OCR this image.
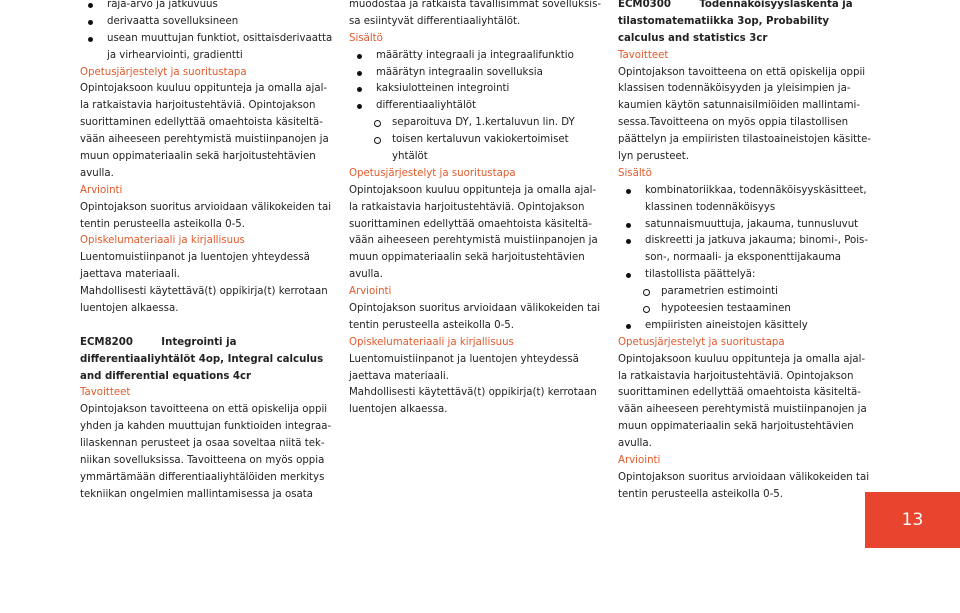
raja-arvo ja jatkuvuus
derivaatta sovelluksineen
usean muuttujan funktiot, osittaisderivaatta
ja virhearviointi, gradientti
Opetusjärjestelyt ja suoritustapa
Opintojaksoon kuuluu oppitunteja ja omalla ajal-
la ratkaistavia harjoitustehtäviä. Opintojakson
suorittaminen edellyttää omaehtoista käsiteltä-
vään aiheeseen perehtymistä muistiinpanojen ja
muun oppimateriaalin sekä harjoitustehtävien
avulla.
Arviointi
Opintojakson suoritus arvioidaan välikokeiden tai
tentin perusteella asteikolla 0-5.
Opiskelumateriaali ja kirjallisuus
Luentomuistiinpanot ja luentojen yhteydessä
jaettava materiaali.
Mahdollisesti käytettävä(t) oppikirja(t) kerrotaan
luentojen alkaessa.
ECM8200        Integrointi ja
differentiaaliyhtälöt 4op, Integral calculus
and differential equations 4cr
Tavoitteet
Opintojakson tavoitteena on että opiskelija oppii
yhden ja kahden muuttujan funktioiden integraa-
lilaskennan perusteet ja osaa soveltaa niitä tek-
niikan sovelluksissa. Tavoitteena on myös oppia
ymmärtämään differentiaaliyhtälöiden merkitys
tekniikan ongelmien mallintamisessa ja osata
muodostaa ja ratkaista tavallisimmat sovelluksis-
sa esiintyvät differentiaaliyhtälöt.
Sisältö
määrätty integraali ja integraalifunktio
määrätyn integraalin sovelluksia
kaksiulotteinen integrointi
differentiaaliyhtälöt
separoituva DY, 1.kertaluvun lin. DY
toisen kertaluvun vakiokertoimiset
yhtälöt
Opetusjärjestelyt ja suoritustapa
Opintojaksoon kuuluu oppitunteja ja omalla ajal-
la ratkaistavia harjoitustehtäviä. Opintojakson
suorittaminen edellyttää omaehtoista käsiteltä-
vään aiheeseen perehtymistä muistiinpanojen ja
muun oppimateriaalin sekä harjoitustehtävien
avulla.
Arviointi
Opintojakson suoritus arvioidaan välikokeiden tai
tentin perusteella asteikolla 0-5.
Opiskelumateriaali ja kirjallisuus
Luentomuistiinpanot ja luentojen yhteydessä
jaettava materiaali.
Mahdollisesti käytettävä(t) oppikirja(t) kerrotaan
luentojen alkaessa.
ECM0300        Todennäköisyyslaskenta ja
tilastomatematiikka 3op, Probability
calculus and statistics 3cr
Tavoitteet
Opintojakson tavoitteena on että opiskelija oppii
klassisen todennäköisyyden ja yleisimpien ja-
kaumien käytön satunnaisilmiöiden mallintami-
sessa.Tavoitteena on myös oppia tilastollisen
päättelyn ja empiiristen tilastoaineistojen käsitte-
lyn perusteet.
Sisältö
kombinatoriikkaa, todennäköisyyskäsitteet,
klassinen todennäköisyys
satunnaismuuttuja, jakauma, tunnusluvut
diskreetti ja jatkuva jakauma; binomi-, Pois-
son-, normaali- ja eksponenttijakauma
tilastollista päättelyä:
parametrien estimointi
hypoteesien testaaminen
empiiristen aineistojen käsittely
Opetusjärjestelyt ja suoritustapa
Opintojaksoon kuuluu oppitunteja ja omalla ajal-
la ratkaistavia harjoitustehtäviä. Opintojakson
suorittaminen edellyttää omaehtoista käsiteltä-
vään aiheeseen perehtymistä muistiinpanojen ja
muun oppimateriaalin sekä harjoitustehtävien
avulla.
Arviointi
Opintojakson suoritus arvioidaan välikokeiden tai
tentin perusteella asteikolla 0-5.
13
